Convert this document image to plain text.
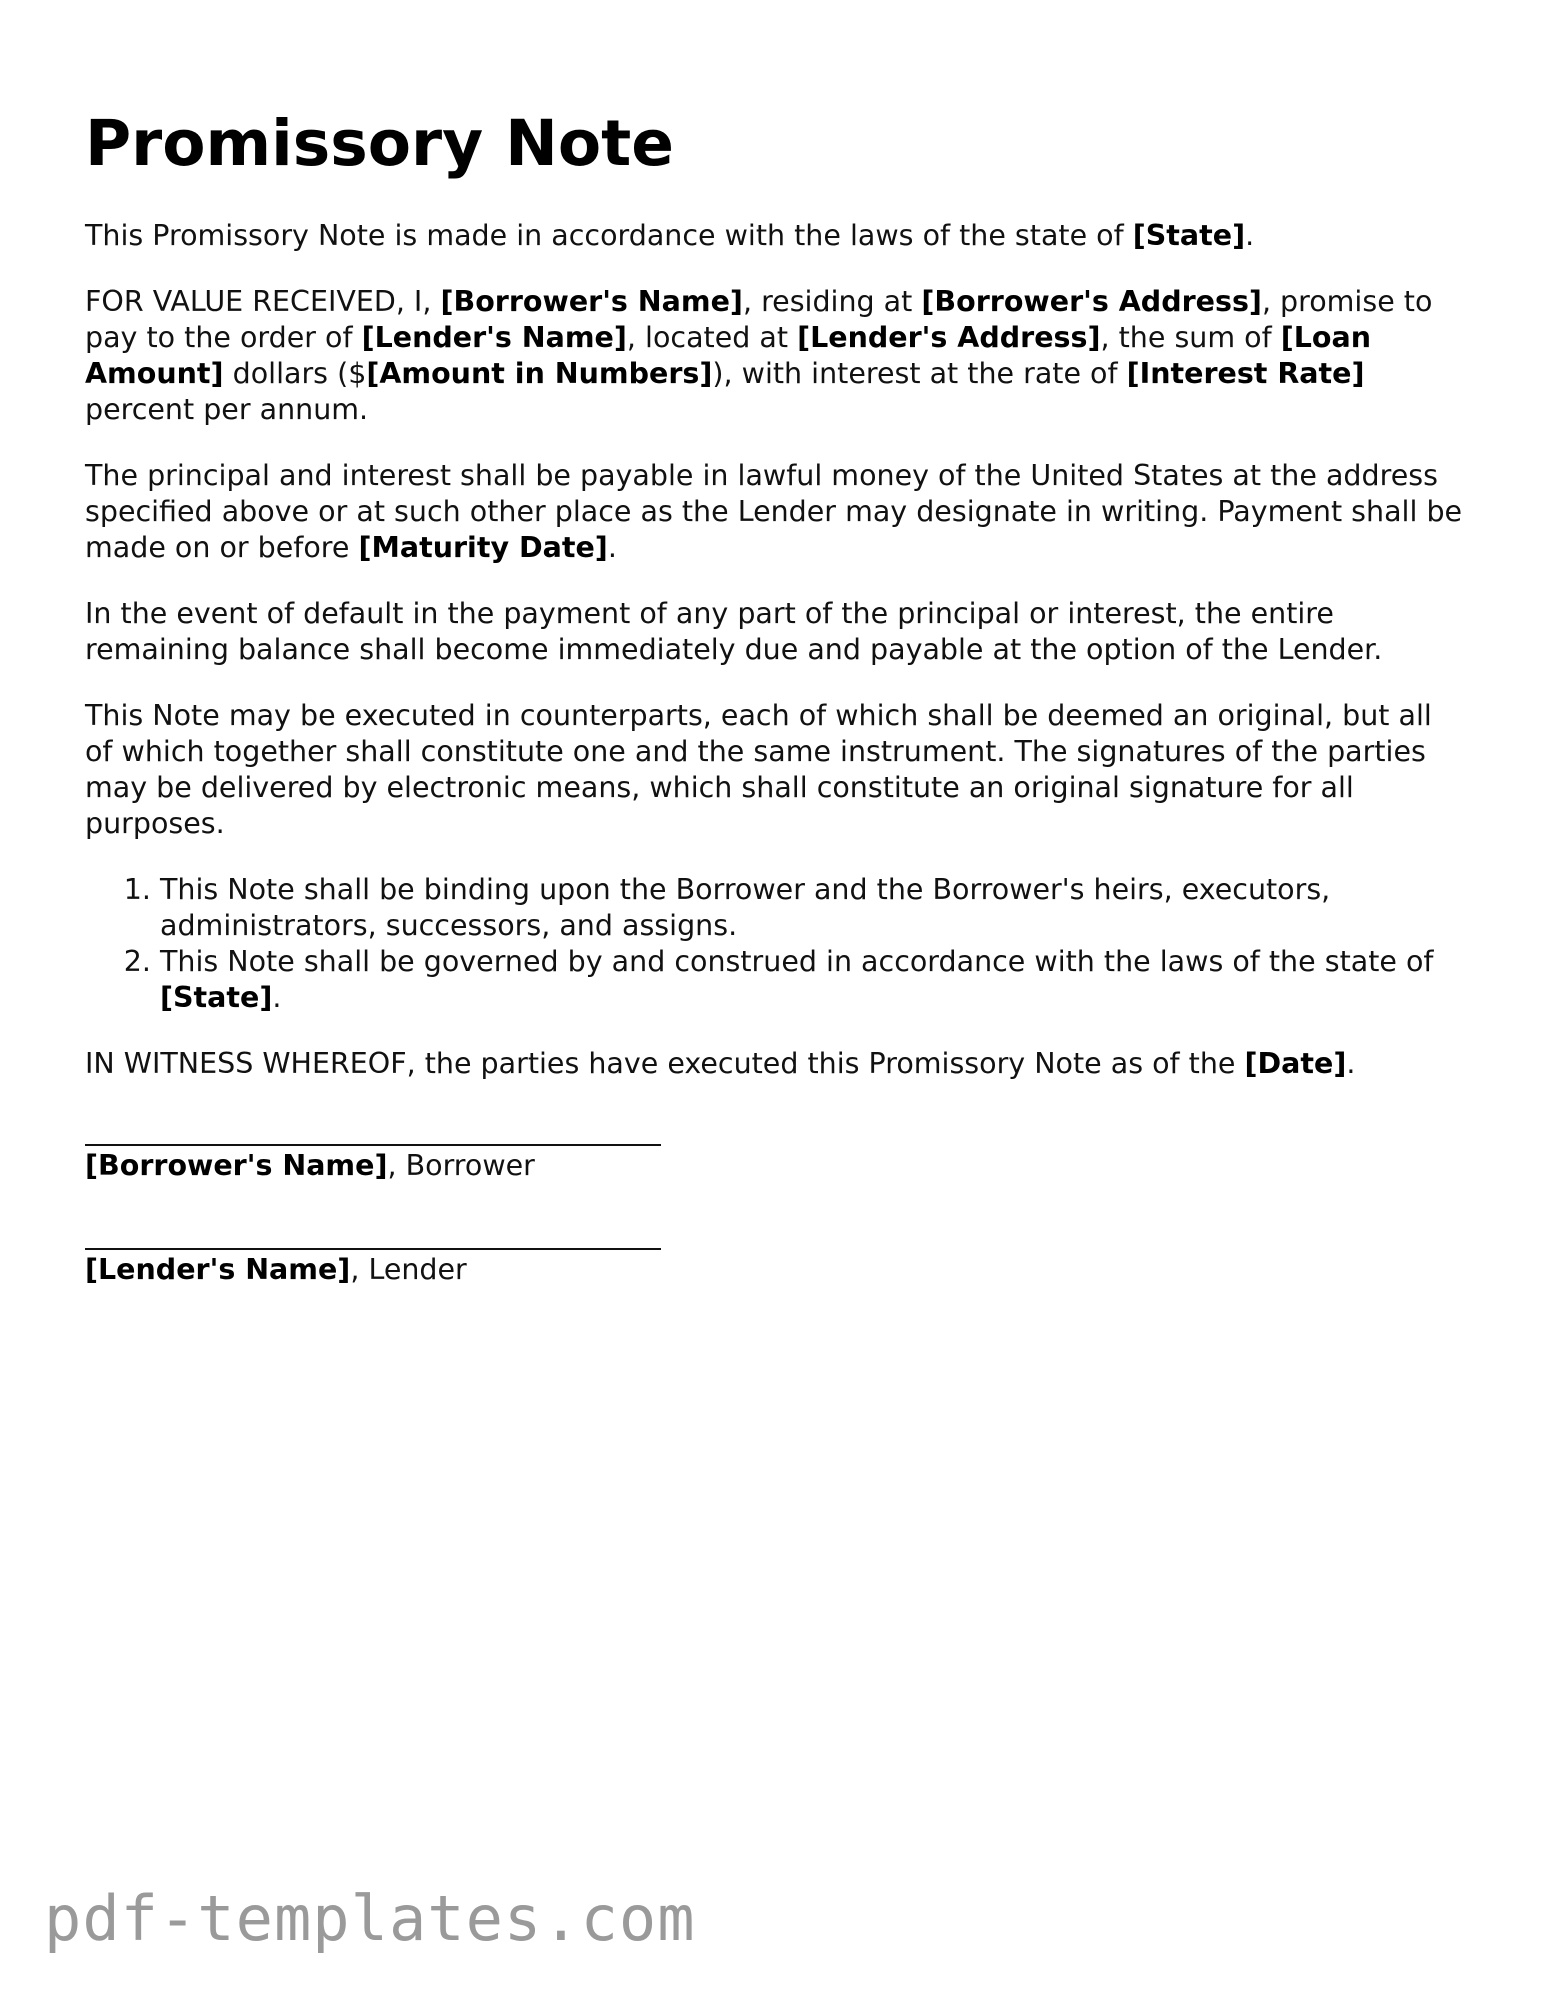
Promissory Note

This Promissory Note is made in accordance with the laws of the state of [State].

FOR VALUE RECEIVED, I, [Borrower's Name], residing at [Borrower's Address], promise to pay to the order of [Lender's Name], located at [Lender's Address], the sum of [Loan Amount] dollars ($[Amount in Numbers]), with interest at the rate of [Interest Rate] percent per annum.

The principal and interest shall be payable in lawful money of the United States at the address specified above or at such other place as the Lender may designate in writing. Payment shall be made on or before [Maturity Date].

In the event of default in the payment of any part of the principal or interest, the entire remaining balance shall become immediately due and payable at the option of the Lender.

This Note may be executed in counterparts, each of which shall be deemed an original, but all of which together shall constitute one and the same instrument. The signatures of the parties may be delivered by electronic means, which shall constitute an original signature for all purposes.

1. This Note shall be binding upon the Borrower and the Borrower's heirs, executors, administrators, successors, and assigns.
2. This Note shall be governed by and construed in accordance with the laws of the state of [State].

IN WITNESS WHEREOF, the parties have executed this Promissory Note as of the [Date].

[Borrower's Name], Borrower
[Lender's Name], Lender
pdf-templates.com
